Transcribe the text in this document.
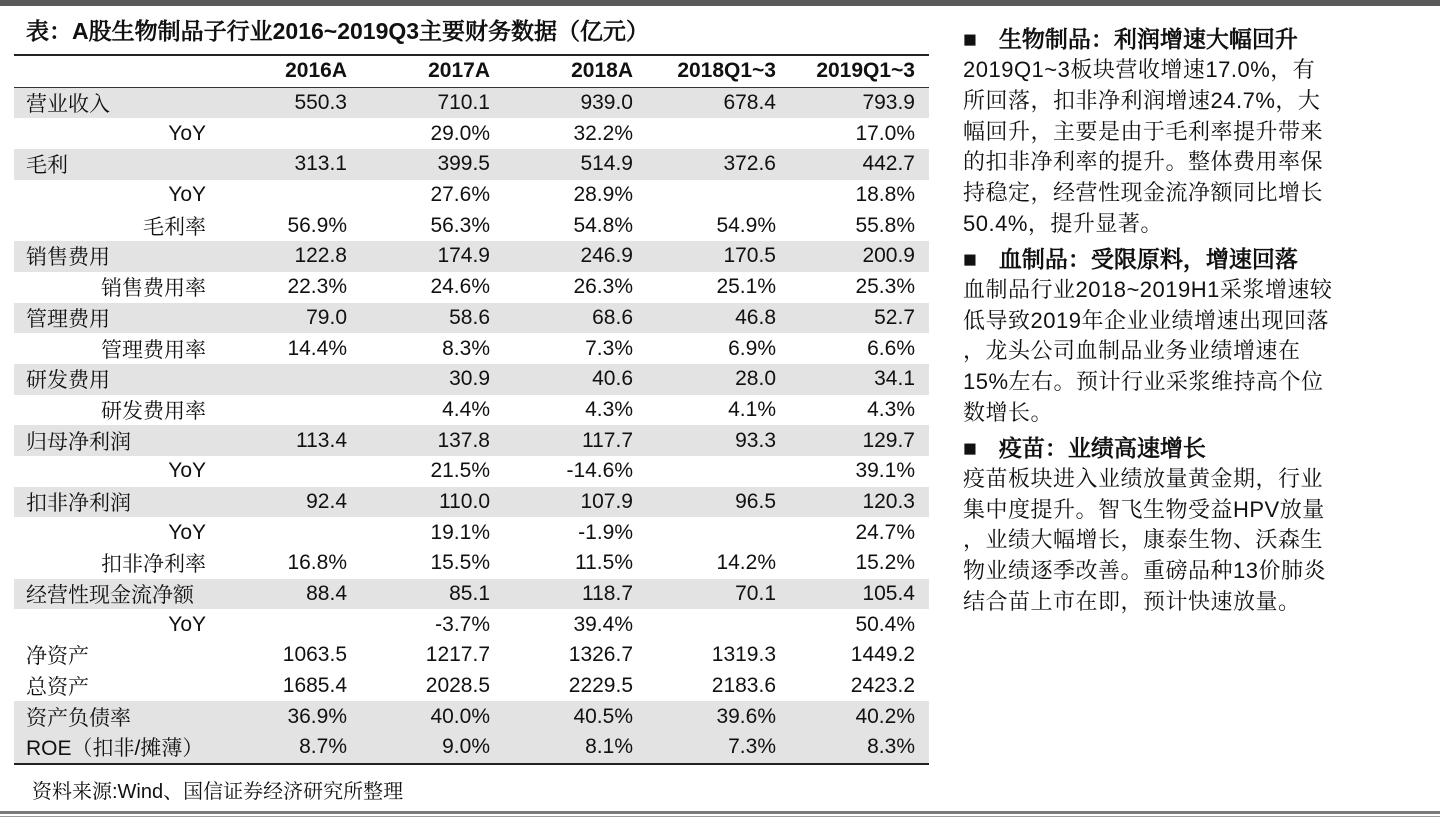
表：A股生物制品子行业2016~2019Q3主要财务数据（亿元）
	2016A	2017A	2018A	2018Q1~3	2019Q1~3
营业收入	550.3	710.1	939.0	678.4	793.9
YoY		29.0%	32.2%		17.0%
毛利	313.1	399.5	514.9	372.6	442.7
YoY		27.6%	28.9%		18.8%
毛利率	56.9%	56.3%	54.8%	54.9%	55.8%
销售费用	122.8	174.9	246.9	170.5	200.9
销售费用率	22.3%	24.6%	26.3%	25.1%	25.3%
管理费用	79.0	58.6	68.6	46.8	52.7
管理费用率	14.4%	8.3%	7.3%	6.9%	6.6%
研发费用		30.9	40.6	28.0	34.1
研发费用率		4.4%	4.3%	4.1%	4.3%
归母净利润	113.4	137.8	117.7	93.3	129.7
YoY		21.5%	-14.6%		39.1%
扣非净利润	92.4	110.0	107.9	96.5	120.3
YoY		19.1%	-1.9%		24.7%
扣非净利率	16.8%	15.5%	11.5%	14.2%	15.2%
经营性现金流净额	88.4	85.1	118.7	70.1	105.4
YoY		-3.7%	39.4%		50.4%
净资产	1063.5	1217.7	1326.7	1319.3	1449.2
总资产	1685.4	2028.5	2229.5	2183.6	2423.2
资产负债率	36.9%	40.0%	40.5%	39.6%	40.2%
ROE（扣非/摊薄）	8.7%	9.0%	8.1%	7.3%	8.3%
资料来源:Wind、国信证券经济研究所整理
■ 生物制品：利润增速大幅回升
2019Q1~3板块营收增速17.0%，有
所回落，扣非净利润增速24.7%，大
幅回升，主要是由于毛利率提升带来
的扣非净利率的提升。整体费用率保
持稳定，经营性现金流净额同比增长
50.4%，提升显著。
■ 血制品：受限原料，增速回落
血制品行业2018~2019H1采浆增速较
低导致2019年企业业绩增速出现回落
，龙头公司血制品业务业绩增速在
15%左右。预计行业采浆维持高个位
数增长。
■ 疫苗：业绩高速增长
疫苗板块进入业绩放量黄金期，行业
集中度提升。智飞生物受益HPV放量
，业绩大幅增长，康泰生物、沃森生
物业绩逐季改善。重磅品种13价肺炎
结合苗上市在即，预计快速放量。
